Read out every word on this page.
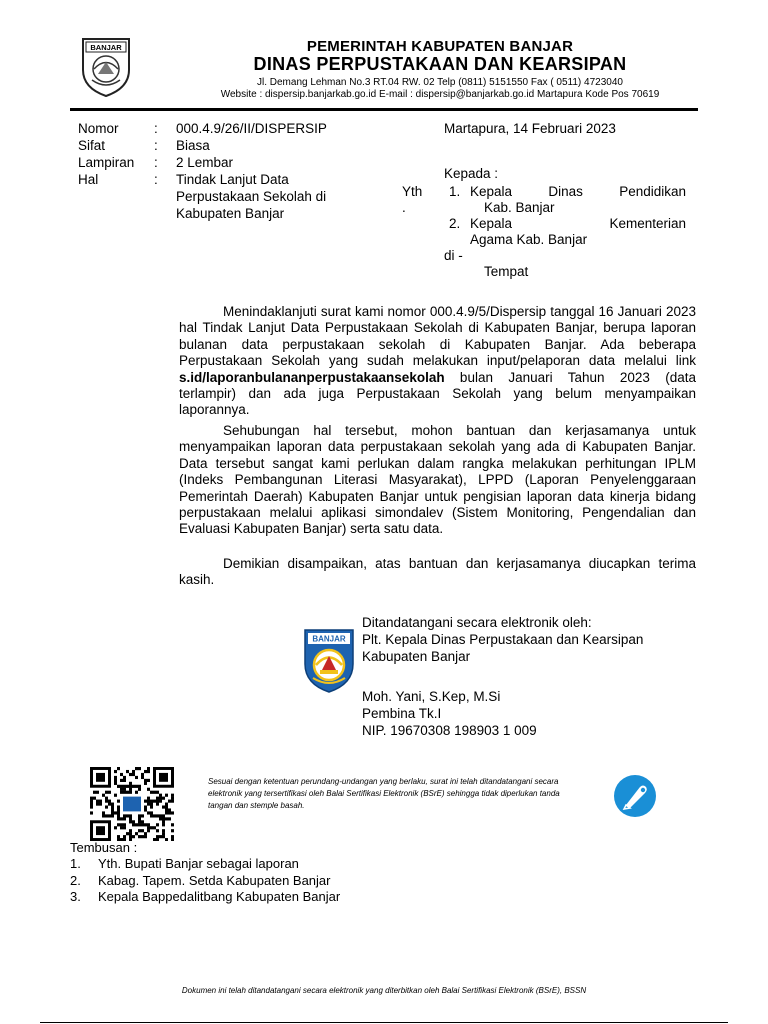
BANJAR	PEMERINTAH KABUPATEN BANJAR
DINAS PERPUSTAKAAN DAN KEARSIPAN
Jl. Demang Lehman No.3 RT.04 RW. 02 Telp (0811) 5151550 Fax ( 0511) 4723040
Website : dispersip.banjarkab.go.id E-mail : dispersip@banjarkab.go.id Martapura Kode Pos 70619
Nomor
Sifat
Lampiran
Hal
:
:
:
:
000.4.9/26/II/DISPERSIP
Biasa
2 Lembar
Tindak Lanjut Data
Perpustakaan Sekolah di
Kabupaten Banjar
Martapura, 14 Februari 2023
Kepada :
Yth
.
1. Kepala Dinas Pendidikan
Kab. Banjar
2. Kepala Kementerian
Agama Kab. Banjar
di -
Tempat

Menindaklanjuti surat kami nomor 000.4.9/5/Dispersip tanggal 16 Januari 2023 hal Tindak Lanjut Data Perpustakaan Sekolah di Kabupaten Banjar, berupa laporan bulanan data perpustakaan sekolah di Kabupaten Banjar. Ada beberapa Perpustakaan Sekolah yang sudah melakukan input/pelaporan data melalui link s.id/laporanbulananperpustakaansekolah bulan Januari Tahun 2023 (data terlampir) dan ada juga Perpustakaan Sekolah yang belum menyampaikan laporannya.

Sehubungan hal tersebut, mohon bantuan dan kerjasamanya untuk menyampaikan laporan data perpustakaan sekolah yang ada di Kabupaten Banjar. Data tersebut sangat kami perlukan dalam rangka melakukan perhitungan IPLM (Indeks Pembangunan Literasi Masyarakat), LPPD (Laporan Penyelenggaraan Pemerintah Daerah) Kabupaten Banjar untuk pengisian laporan data kinerja bidang perpustakaan melalui aplikasi simondalev (Sistem Monitoring, Pengendalian dan Evaluasi Kabupaten Banjar) serta satu data.

Demikian disampaikan, atas bantuan dan kerjasamanya diucapkan terima kasih.

Ditandatangani secara elektronik oleh:
Plt. Kepala Dinas Perpustakaan dan Kearsipan
Kabupaten Banjar
Moh. Yani, S.Kep, M.Si
Pembina Tk.I
NIP. 19670308 198903 1 009
BANJAR
Sesuai dengan ketentuan perundang-undangan yang berlaku, surat ini telah ditandatangani secara elektronik yang tersertifikasi oleh Balai Sertifikasi Elektronik (BSrE) sehingga tidak diperlukan tanda tangan dan stemple basah.
Tembusan :
1. Yth. Bupati Banjar sebagai laporan
2. Kabag. Tapem. Setda Kabupaten Banjar
3. Kepala Bappedalitbang Kabupaten Banjar
Dokumen ini telah ditandatangani secara elektronik yang diterbitkan oleh Balai Sertifikasi Elektronik (BSrE), BSSN
